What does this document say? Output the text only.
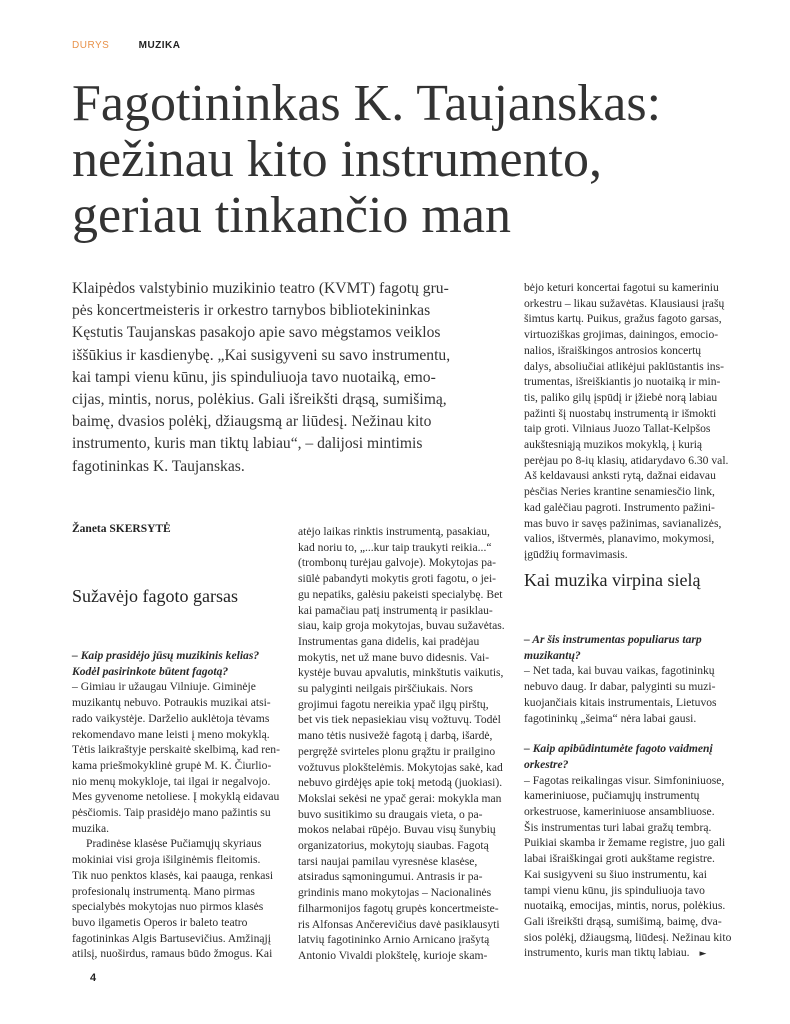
DURYS	MUZIKA
Fagotininkas K. Taujanskas:
nežinau kito instrumento,
geriau tinkančio man
Klaipėdos valstybinio muzikinio teatro (KVMT) fagotų gru-
pės koncertmeisteris ir orkestro tarnybos bibliotekininkas
Kęstutis Taujanskas pasakojo apie savo mėgstamos veiklos
iššūkius ir kasdienybę. „Kai susigyveni su savo instrumentu,
kai tampi vienu kūnu, jis spinduliuoja tavo nuotaiką, emo-
cijas, mintis, norus, polėkius. Gali išreikšti drąsą, sumišimą,
baimę, dvasios polėkį, džiaugsmą ar liūdesį. Nežinau kito
instrumento, kuris man tiktų labiau“, – dalijosi mintimis
fagotininkas K. Taujanskas.
Žaneta SKERSYTĖ
Sužavėjo fagoto garsas
Kai muzika virpina sielą
– Kaip prasidėjo jūsų muzikinis kelias?
Kodėl pasirinkote būtent fagotą?
– Gimiau ir užaugau Vilniuje. Giminėje
muzikantų nebuvo. Potraukis muzikai atsi-
rado vaikystėje. Darželio auklėtoja tėvams
rekomendavo mane leisti į meno mokyklą.
Tėtis laikraštyje perskaitė skelbimą, kad ren-
kama priešmokyklinė grupė M. K. Čiurlio-
nio menų mokykloje, tai ilgai ir negalvojo.
Mes gyvenome netoliese. Į mokyklą eidavau
pėsčiomis. Taip prasidėjo mano pažintis su
muzika.
Pradinėse klasėse Pučiamųjų skyriaus
mokiniai visi groja išilginėmis fleitomis.
Tik nuo penktos klasės, kai paauga, renkasi
profesionalų instrumentą. Mano pirmas
specialybės mokytojas nuo pirmos klasės
buvo ilgametis Operos ir baleto teatro
fagotininkas Algis Bartusevičius. Amžinąjį
atilsį, nuoširdus, ramaus būdo žmogus. Kai
atėjo laikas rinktis instrumentą, pasakiau,
kad noriu to, „...kur taip traukyti reikia...“
(trombonų turėjau galvoje). Mokytojas pa-
siūlė pabandyti mokytis groti fagotu, o jei-
gu nepatiks, galėsiu pakeisti specialybę. Bet
kai pamačiau patį instrumentą ir pasiklau-
siau, kaip groja mokytojas, buvau sužavėtas.
Instrumentas gana didelis, kai pradėjau
mokytis, net už mane buvo didesnis. Vai-
kystėje buvau apvalutis, minkštutis vaikutis,
su palyginti neilgais pirščiukais. Nors
grojimui fagotu nereikia ypač ilgų pirštų,
bet vis tiek nepasiekiau visų vožtuvų. Todėl
mano tėtis nusivežė fagotą į darbą, išardė,
pergręžė svirteles plonu grąžtu ir prailgino
vožtuvus plokštelėmis. Mokytojas sakė, kad
nebuvo girdėjęs apie tokį metodą (juokiasi).
Mokslai sekėsi ne ypač gerai: mokykla man
buvo susitikimo su draugais vieta, o pa-
mokos nelabai rūpėjo. Buvau visų šunybių
organizatorius, mokytojų siaubas. Fagotą
tarsi naujai pamilau vyresnėse klasėse,
atsiradus sąmoningumui. Antrasis ir pa-
grindinis mano mokytojas – Nacionalinės
filharmonijos fagotų grupės koncertmeiste-
ris Alfonsas Ančerevičius davė pasiklausyti
latvių fagotininko Arnio Arnicano įrašytą
Antonio Vivaldi plokštelę, kurioje skam-
bėjo keturi koncertai fagotui su kameriniu
orkestru – likau sužavėtas. Klausiausi įrašų
šimtus kartų. Puikus, gražus fagoto garsas,
virtuoziškas grojimas, dainingos, emocio-
nalios, išraiškingos antrosios koncertų
dalys, absoliučiai atlikėjui paklūstantis ins-
trumentas, išreiškiantis jo nuotaiką ir min-
tis, paliko gilų įspūdį ir įžiebė norą labiau
pažinti šį nuostabų instrumentą ir išmokti
taip groti. Vilniaus Juozo Tallat-Kelpšos
aukštesniąją muzikos mokyklą, į kurią
perėjau po 8-ių klasių, atidarydavo 6.30 val.
Aš keldavausi anksti rytą, dažnai eidavau
pėsčias Neries krantine senamiesčio link,
kad galėčiau pagroti. Instrumento pažini-
mas buvo ir savęs pažinimas, savianalizės,
valios, ištvermės, planavimo, mokymosi,
įgūdžių formavimasis.
– Ar šis instrumentas populiarus tarp
muzikantų?
– Net tada, kai buvau vaikas, fagotininkų
nebuvo daug. Ir dabar, palyginti su muzi-
kuojančiais kitais instrumentais, Lietuvos
fagotininkų „šeima“ nėra labai gausi.
– Kaip apibūdintumėte fagoto vaidmenį
orkestre?
– Fagotas reikalingas visur. Simfoniniuose,
kameriniuose, pučiamųjų instrumentų
orkestruose, kameriniuose ansambliuose.
Šis instrumentas turi labai gražų tembrą.
Puikiai skamba ir žemame registre, juo gali
labai išraiškingai groti aukštame registre.
Kai susigyveni su šiuo instrumentu, kai
tampi vienu kūnu, jis spinduliuoja tavo
nuotaiką, emocijas, mintis, norus, polėkius.
Gali išreikšti drąsą, sumišimą, baimę, dva-
sios polėkį, džiaugsmą, liūdesį. Nežinau kito
instrumento, kuris man tiktų labiau. ►
4
